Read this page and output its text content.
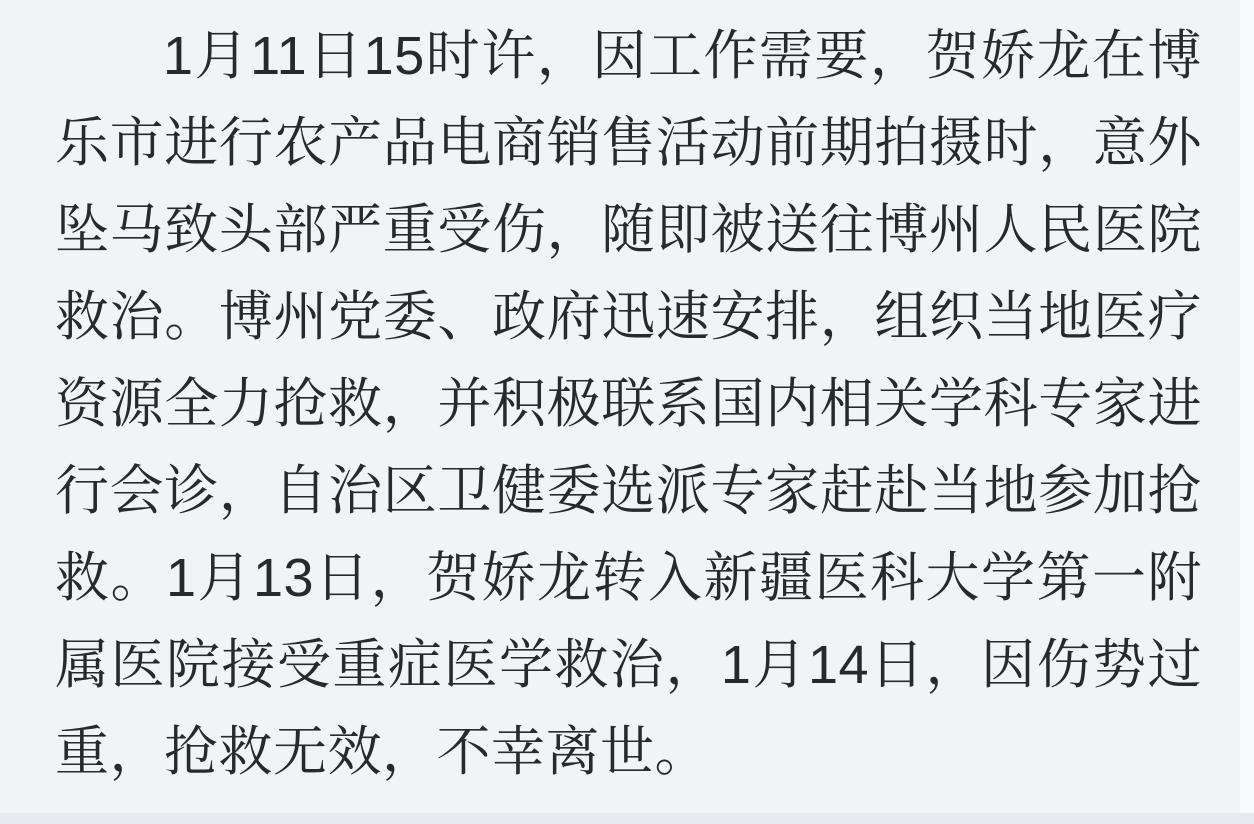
1月11日15时许，因工作需要，贺娇龙在博
乐市进行农产品电商销售活动前期拍摄时，意外
坠马致头部严重受伤，随即被送往博州人民医院
救治。博州党委、政府迅速安排，组织当地医疗
资源全力抢救，并积极联系国内相关学科专家进
行会诊，自治区卫健委选派专家赶赴当地参加抢
救。1月13日，贺娇龙转入新疆医科大学第一附
属医院接受重症医学救治，1月14日，因伤势过
重，抢救无效，不幸离世。
